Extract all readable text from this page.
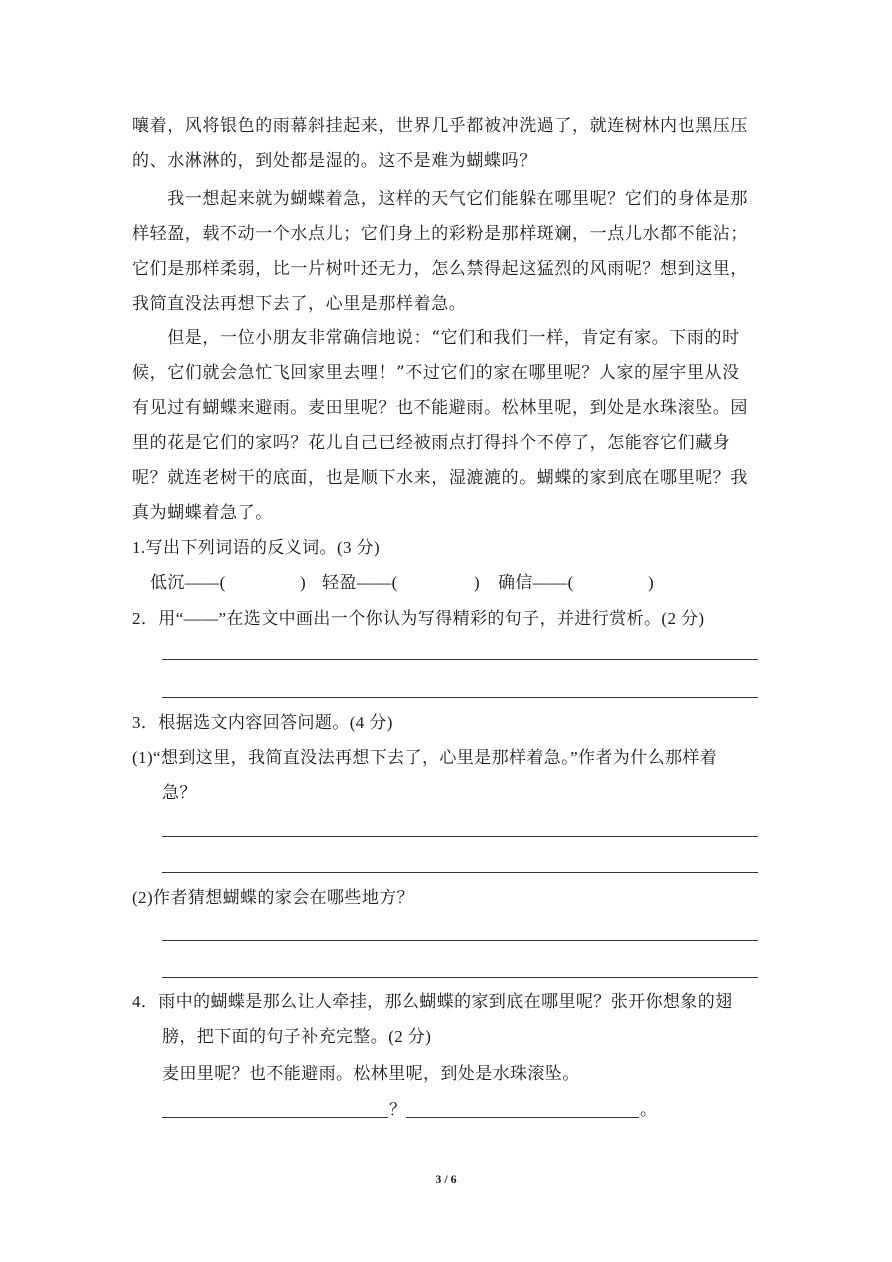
嚷着，风将银色的雨幕斜挂起来，世界几乎都被冲洗過了，就连树林内也黑压压
的、水淋淋的，到处都是湿的。这不是难为蝴蝶吗？
　　我一想起来就为蝴蝶着急，这样的天气它们能躲在哪里呢？它们的身体是那
样轻盈，载不动一个水点儿；它们身上的彩粉是那样斑斓，一点儿水都不能沾；
它们是那样柔弱，比一片树叶还无力，怎么禁得起这猛烈的风雨呢？想到这里，
我简直没法再想下去了，心里是那样着急。
　　但是，一位小朋友非常确信地说：“它们和我们一样，肯定有家。下雨的时
候，它们就会急忙飞回家里去哩！”不过它们的家在哪里呢？人家的屋宇里从没
有见过有蝴蝶来避雨。麦田里呢？也不能避雨。松林里呢，到处是水珠滚坠。园
里的花是它们的家吗？花儿自己已经被雨点打得抖个不停了，怎能容它们藏身
呢？就连老树干的底面，也是顺下水来，湿漉漉的。蝴蝶的家到底在哪里呢？我
真为蝴蝶着急了。
1.写出下列词语的反义词。(3 分)
低沉——(	) 轻盈——(	) 确信——(	)
2．用“——”在选文中画出一个你认为写得精彩的句子，并进行赏析。(2 分)
3．根据选文内容回答问题。(4 分)
(1)“想到这里，我简直没法再想下去了，心里是那样着急。”作者为什么那样着
急？
(2)作者猜想蝴蝶的家会在哪些地方？
4．雨中的蝴蝶是那么让人牵挂，那么蝴蝶的家到底在哪里呢？张开你想象的翅
膀，把下面的句子补充完整。(2 分)
麦田里呢？也不能避雨。松林里呢，到处是水珠滚坠。
？	。
3 / 6
